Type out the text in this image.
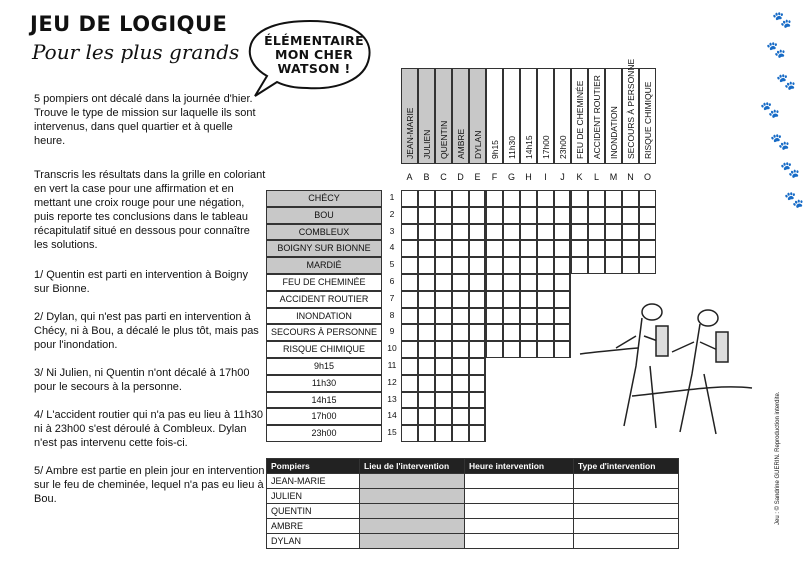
JEU DE LOGIQUE
Pour les plus grands	ÉLÉMENTAIRE
MON CHER
WATSON !

5 pompiers ont décalé dans la journée d'hier. Trouve le type de mission sur laquelle ils sont intervenus, dans quel quartier et à quelle heure.

Transcris les résultats dans la grille en coloriant en vert la case pour une affirmation et en mettant une croix rouge pour une négation, puis reporte tes conclusions dans le tableau récapitulatif situé en dessous pour connaître les solutions.

1/ Quentin est parti en intervention à Boigny sur Bionne.

2/ Dylan, qui n'est pas parti en intervention à Chécy, ni à Bou, a décalé le plus tôt, mais pas pour l'inondation.

3/ Ni Julien, ni Quentin n'ont décalé à 17h00 pour le secours à la personne.

4/ L'accident routier qui n'a pas eu lieu à 11h30 ni à 23h00 s'est déroulé à Combleux. Dylan n'est pas intervenu cette fois-ci.

5/ Ambre est partie en plein jour en intervention sur le feu de cheminée, lequel n'a pas eu lieu à Bou.

JEAN-MARIE
A
JULIEN
B
QUENTIN
C
AMBRE
D
DYLAN
E
9h15
F
11h30
G
14h15
H
17h00
I
23h00
J
FEU DE CHEMINÉE
K
ACCIDENT ROUTIER
L
INONDATION
M
SECOURS À PERSONNE
N
RISQUE CHIMIQUE
O
CHÉCY	1
BOU	2
COMBLEUX	3
BOIGNY SUR BIONNE	4
MARDIÉ	5
FEU DE CHEMINÉE	6
ACCIDENT ROUTIER	7
INONDATION	8
SECOURS À PERSONNE	9
RISQUE CHIMIQUE	10
9h15	11
11h30	12
14h15	13
17h00	14
23h00	15
Pompiers	Lieu de l'intervention	Heure intervention	Type d'intervention
JEAN-MARIE			
JULIEN			
QUENTIN			
AMBRE			
DYLAN			
Jeu : © Sandrine GUERIN. Reproduction interdite.
🐾
🐾
🐾
🐾
🐾
🐾
🐾
